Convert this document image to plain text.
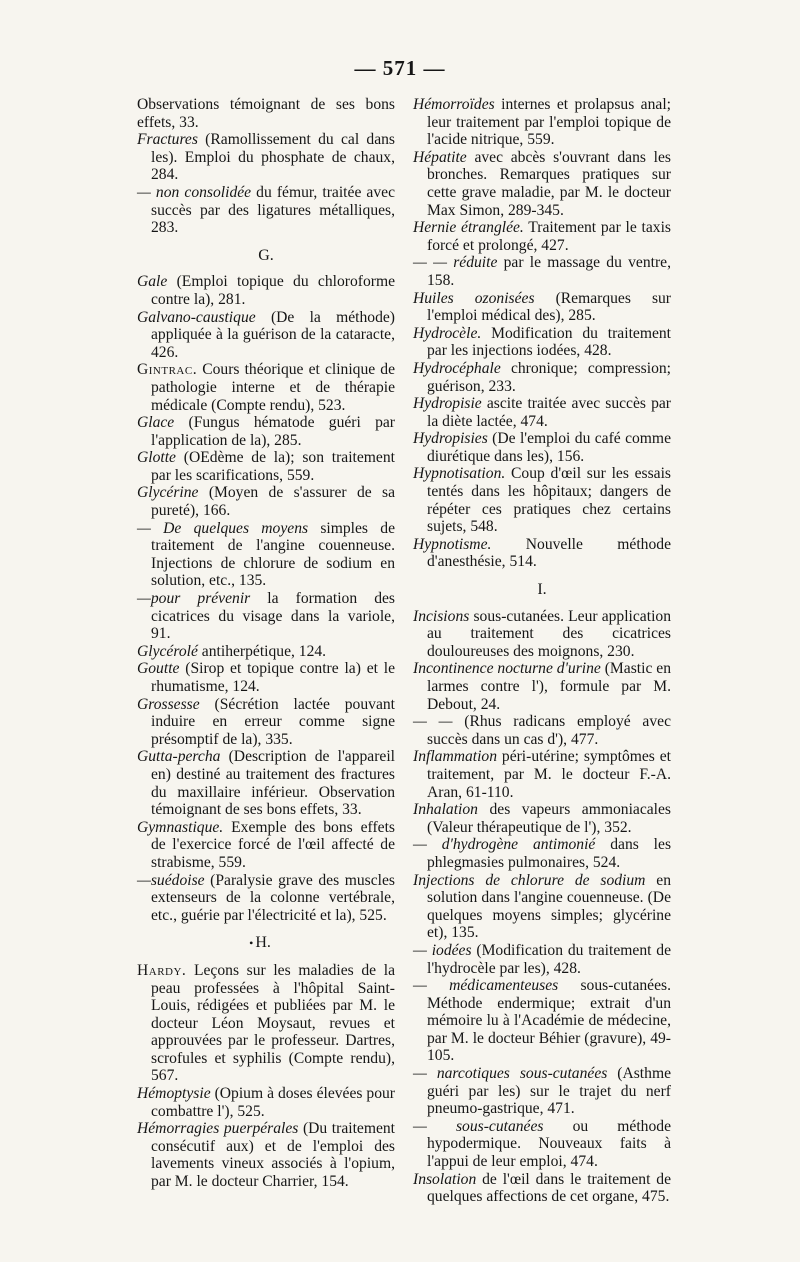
— 571 —

Observations témoignant de ses bons effets, 33.

Fractures (Ramollissement du cal dans les). Emploi du phosphate de chaux, 284.

— non consolidée du fémur, traitée avec succès par des ligatures métalliques, 283.

G.

Gale (Emploi topique du chloroforme contre la), 281.

Galvano-caustique (De la méthode) appliquée à la guérison de la cataracte, 426.

Gintrac. Cours théorique et clinique de pathologie interne et de thérapie médicale (Compte rendu), 523.

Glace (Fungus hématode guéri par l'application de la), 285.

Glotte (OEdème de la); son traitement par les scarifications, 559.

Glycérine (Moyen de s'assurer de sa pureté), 166.

— De quelques moyens simples de traitement de l'angine couenneuse. Injections de chlorure de sodium en solution, etc., 135.

—pour prévenir la formation des cicatrices du visage dans la variole, 91.

Glycérolé antiherpétique, 124.

Goutte (Sirop et topique contre la) et le rhumatisme, 124.

Grossesse (Sécrétion lactée pouvant induire en erreur comme signe présomptif de la), 335.

Gutta-percha (Description de l'appareil en) destiné au traitement des fractures du maxillaire inférieur. Observation témoignant de ses bons effets, 33.

Gymnastique. Exemple des bons effets de l'exercice forcé de l'œil affecté de strabisme, 559.

—suédoise (Paralysie grave des muscles extenseurs de la colonne vertébrale, etc., guérie par l'électricité et la), 525.

• H.

Hardy. Leçons sur les maladies de la peau professées à l'hôpital Saint-Louis, rédigées et publiées par M. le docteur Léon Moysaut, revues et approuvées par le professeur. Dartres, scrofules et syphilis (Compte rendu), 567.

Hémoptysie (Opium à doses élevées pour combattre l'), 525.

Hémorragies puerpérales (Du traitement consécutif aux) et de l'emploi des lavements vineux associés à l'opium, par M. le docteur Charrier, 154.

Hémorroïdes internes et prolapsus anal; leur traitement par l'emploi topique de l'acide nitrique, 559.

Hépatite avec abcès s'ouvrant dans les bronches. Remarques pratiques sur cette grave maladie, par M. le docteur Max Simon, 289-345.

Hernie étranglée. Traitement par le taxis forcé et prolongé, 427.

— — réduite par le massage du ventre, 158.

Huiles ozonisées (Remarques sur l'emploi médical des), 285.

Hydrocèle. Modification du traitement par les injections iodées, 428.

Hydrocéphale chronique; compression; guérison, 233.

Hydropisie ascite traitée avec succès par la diète lactée, 474.

Hydropisies (De l'emploi du café comme diurétique dans les), 156.

Hypnotisation. Coup d'œil sur les essais tentés dans les hôpitaux; dangers de répéter ces pratiques chez certains sujets, 548.

Hypnotisme. Nouvelle méthode d'anesthésie, 514.

I.

Incisions sous-cutanées. Leur application au traitement des cicatrices douloureuses des moignons, 230.

Incontinence nocturne d'urine (Mastic en larmes contre l'), formule par M. Debout, 24.

— — (Rhus radicans employé avec succès dans un cas d'), 477.

Inflammation péri-utérine; symptômes et traitement, par M. le docteur F.-A. Aran, 61-110.

Inhalation des vapeurs ammoniacales (Valeur thérapeutique de l'), 352.

— d'hydrogène antimonié dans les phlegmasies pulmonaires, 524.

Injections de chlorure de sodium en solution dans l'angine couenneuse. (De quelques moyens simples; glycérine et), 135.

— iodées (Modification du traitement de l'hydrocèle par les), 428.

— médicamenteuses sous-cutanées. Méthode endermique; extrait d'un mémoire lu à l'Académie de médecine, par M. le docteur Béhier (gravure), 49-105.

— narcotiques sous-cutanées (Asthme guéri par les) sur le trajet du nerf pneumo-gastrique, 471.

— sous-cutanées ou méthode hypodermique. Nouveaux faits à l'appui de leur emploi, 474.

Insolation de l'œil dans le traitement de quelques affections de cet organe, 475.
